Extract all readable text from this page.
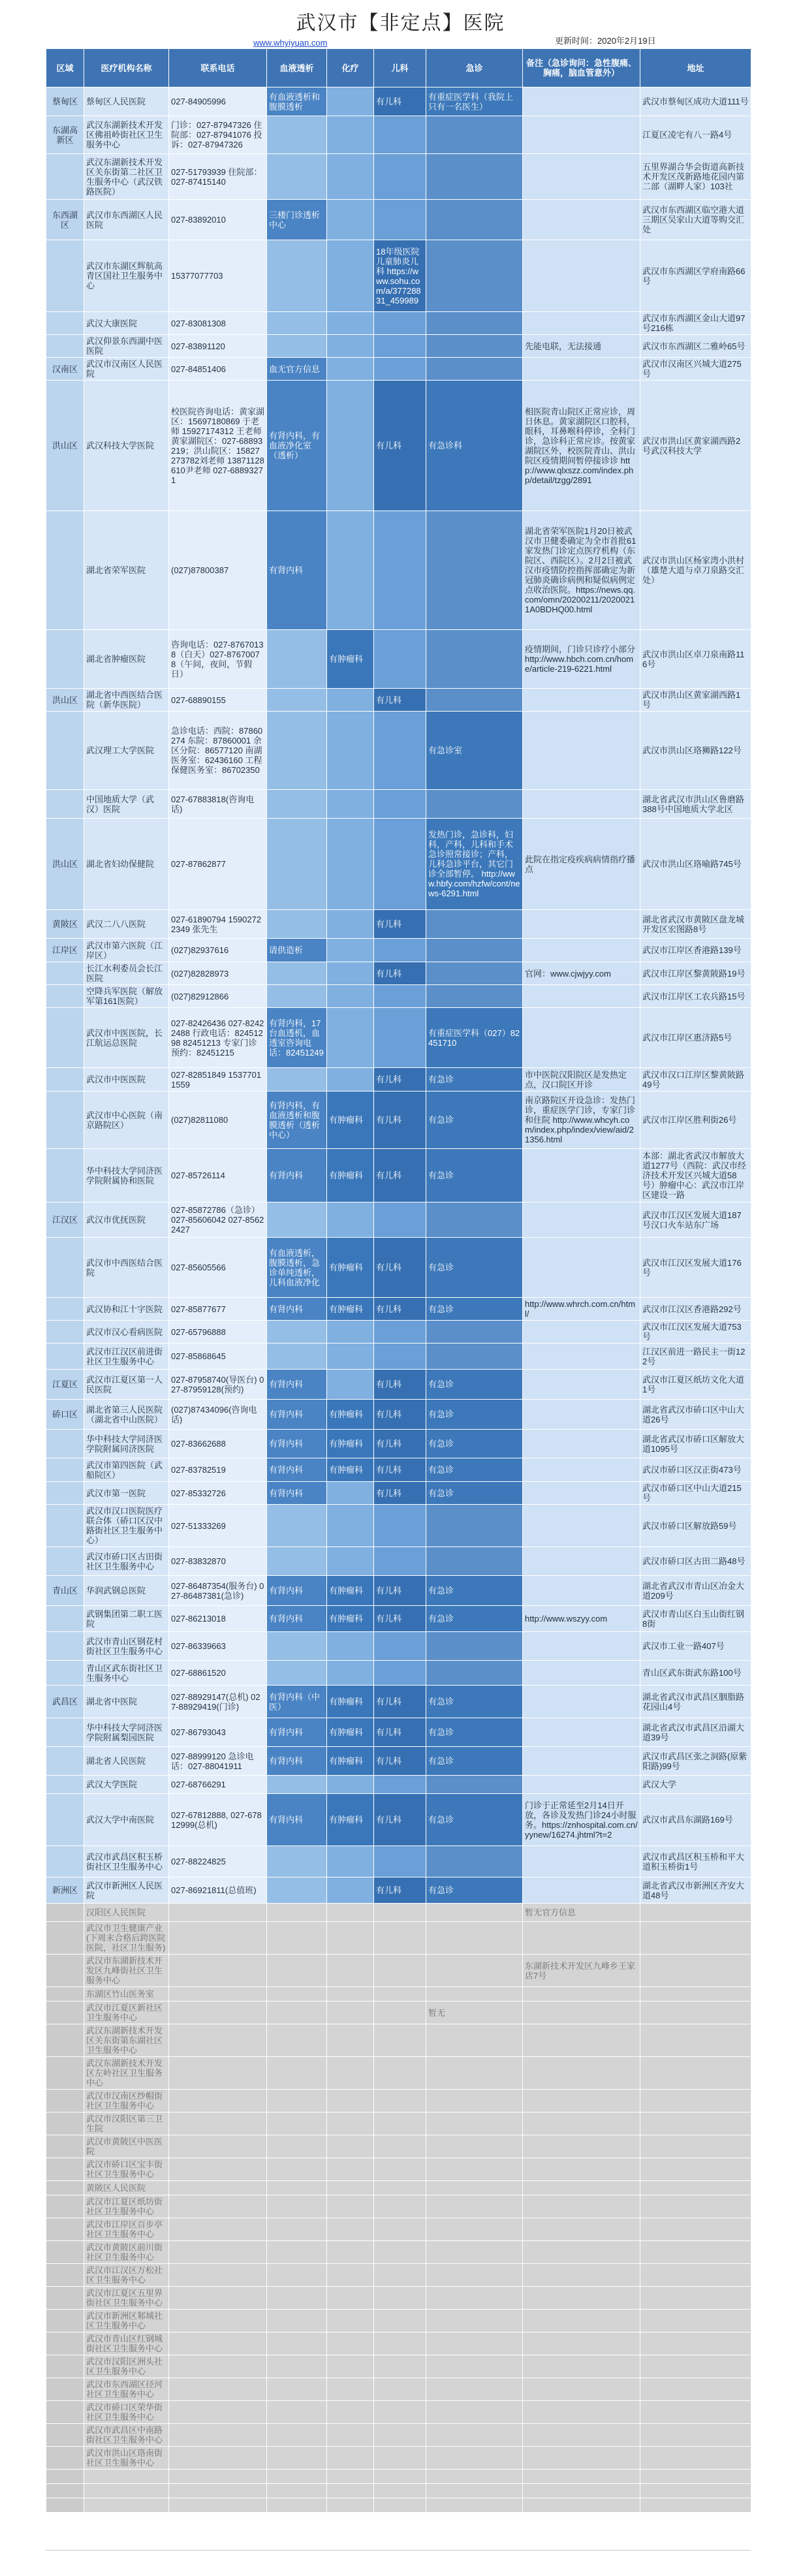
武汉市【非定点】医院
www.whyiyuan.com	更新时间：2020年2月19日
区域	医疗机构名称	联系电话	血液透析	化疗	儿科	急诊	备注（急诊询问：急性腹痛、胸痛，脑血管意外）	地址
蔡甸区	蔡甸区人民医院	027-84905996	有血液透析和腹膜透析		有儿科	有重症医学科（我院上只有一名医生）		武汉市蔡甸区成功大道111号
东湖高新区	武汉东湖新技术开发区佛祖岭街社区卫生服务中心	门诊：027-87947326 住院部：027-87941076 投诉：027-87947326						江夏区凌宅有八一路4号
	武汉东湖新技术开发区关东街第二社区卫生服务中心（武汉铁路医院）	027-51793939 住院部：027-87415140						五里界湖合华会街道高新技术开发区茂新路地花园内第二部（湖畔人家）103社
东西湖区	武汉市东西湖区人民医院	027-83892010	三楼门诊透析中心					武汉市东西湖区临空港大道三期区吴家山大道等购交汇处
	武汉市东湖区辉航高青区国社卫生服务中心	15377077703			18年级医院儿童肺炎儿科 https://www.sohu.com/a/37728831_459989			武汉市东西湖区学府南路66号
	武汉大康医院	027-83081308						武汉市东西湖区金山大道97号216栋
	武汉仰景东西湖中医医院	027-83891120					先能电联，无法接通	武汉市东西湖区二雅岭65号
汉南区	武汉市汉南区人民医院	027-84851406	血无官方信息					武汉市汉南区兴城大道275号
洪山区	武汉科技大学医院	校医院咨询电话：黄家湖区：15697180869 于老师 15927174312 王老师 黄家湖院区：027-68893219；洪山院区：15827273782刘老师 13871128610尹老师 027-68893271	有肾内科，有血液净化室（透析）		有儿科	有急诊科	相医院青山院区正常应诊，周日休息。黄家湖院区口腔科，眼科，耳鼻喉科停诊，全科门诊，急诊科正常应诊。按黄家湖院区外，校医院青山、洪山院区疫情期间暂停接诊诊 http://www.qlxszz.com/index.php/detail/tzgg/2891	武汉市洪山区黄家湖西路2号武汉科技大学
	湖北省荣军医院	(027)87800387	有肾内科				湖北省荣军医院1月20日被武汉市卫健委确定为全市首批61家发热门诊定点医疗机构（东院区、西院区）。2月2日被武汉市疫情防控指挥部确定为新冠肺炎确诊病例和疑似病例定点收治医院。https://news.qq.com/omn/20200211/20200211A0BDHQ00.html	武汉市洪山区杨家湾小洪村（雄楚大道与卓刀泉路交汇处）
	湖北省肿瘤医院	咨询电话：027-87670138（白天）027-87670078（午间，夜间，节假日）		有肿瘤科			疫情期间，门诊只诊疗小部分 http://www.hbch.com.cn/home/article-219-6221.html	武汉市洪山区卓刀泉南路116号
洪山区	湖北省中西医结合医院（新华医院）	027-68890155			有儿科			武汉市洪山区黄家湖西路1号
	武汉理工大学医院	急诊电话：西院：87860274 东院：87860001 余区分院：86577120 南湖医务室：62436160 工程保健医务室：86702350				有急诊室		武汉市洪山区珞狮路122号
	中国地质大学（武汉）医院	027-67883818(咨询电话)						湖北省武汉市洪山区鲁磨路388号中国地质大学北区
洪山区	湖北省妇幼保健院	027-87862877				发热门诊，急诊科，妇科，产科，儿科和手术急诊照常接诊；产科，儿科急诊平台，其它门诊全部暂停。 http://www.hbfy.com/hzfw/cont/news-6291.html	此院在指定疫疾病病情指疗播点	武汉市洪山区珞喻路745号
黄陂区	武汉二八八医院	027-61890794 15902722349 张先生			有儿科			湖北省武汉市黄陂区盘龙城开发区宏图路8号
江岸区	武汉市第六医院（江岸区）	(027)82937616	请供造析					武汉市江岸区香港路139号
	长江水利委员会长江医院	(027)82828973			有儿科		官网：www.cjwjyy.com	武汉市江岸区黎黄陂路19号
	空降兵军医院（解放军第161医院）	(027)82912866						武汉市江岸区工农兵路15号
	武汉市中医医院，长江航运总医院	027-82426436 027-82422488 行政电话：82451298 82451213 专家门诊预约：82451215	有肾内科，17台血透机，血透室咨询电话：82451249			有重症医学科（027）82451710		武汉市江岸区惠济路5号
	武汉市中医医院	027-82851849 15377011559			有儿科	有急诊	市中医院汉阳院区是发热定点，汉口院区开诊	武汉市汉口江岸区黎黄陂路49号
	武汉市中心医院（南京路院区）	(027)82811080	有肾内科，有血液透析和腹膜透析（透析中心）	有肿瘤科	有儿科	有急诊	南京路院区开设急诊：发热门诊，重症医学门诊，专家门诊和住院 http://www.whcyh.com/index.php/index/view/aid/21356.html	武汉市江岸区胜利街26号
	华中科技大学同济医学院附属协和医院	027-85726114	有肾内科	有肿瘤科	有儿科	有急诊		本部：湖北省武汉市解放大道1277号（西院：武汉市经济技术开发区兴城大道58号）肿瘤中心：武汉市江岸区建设一路
江汉区	武汉市优抚医院	027-85872786（急诊）027-85606042 027-85622427						武汉市江汉区发展大道187号汉口火车站东广场
	武汉市中西医结合医院	027-85605566	有血液透析，腹膜透析，急诊单纯透析，儿科血液净化	有肿瘤科	有儿科	有急诊		武汉市江汉区发展大道176号
	武汉协和江十字医院	027-85877677	有肾内科	有肿瘤科	有儿科	有急诊	http://www.whrch.com.cn/html/	武汉市江汉区香港路292号
	武汉市汉心看病医院	027-65796888						武汉市江汉区发展大道753号
	武汉市江汉区前进街社区卫生服务中心	027-85868645						江汉区前进一路民主一街122号
江夏区	武汉市江夏区第一人民医院	027-87958740(导医台) 027-87959128(预约)	有肾内科		有儿科	有急诊		武汉市江夏区纸坊文化大道1号
硚口区	湖北省第三人民医院（湖北省中山医院）	(027)87434096(咨询电话)	有肾内科	有肿瘤科	有儿科	有急诊		湖北省武汉市硚口区中山大道26号
	华中科技大学同济医学院附属同济医院	027-83662688	有肾内科	有肿瘤科	有儿科	有急诊		湖北省武汉市硚口区解放大道1095号
	武汉市第四医院（武船院区）	027-83782519	有肾内科	有肿瘤科	有儿科	有急诊		武汉市硚口区汉正街473号
	武汉市第一医院	027-85332726	有肾内科		有儿科	有急诊		武汉市硚口区中山大道215号
	武汉市汉口医院医疗联合体（硚口区汉中路街社区卫生服务中心）	027-51333269						武汉市硚口区解放路59号
	武汉市硚口区古田街社区卫生服务中心	027-83832870						武汉市硚口区古田二路48号
青山区	华润武钢总医院	027-86487354(服务台) 027-86487381(急诊)	有肾内科	有肿瘤科	有儿科	有急诊		湖北省武汉市青山区冶金大道209号
	武钢集团第二职工医院	027-86213018	有肾内科	有肿瘤科	有儿科	有急诊	http://www.wszyy.com	武汉市青山区白玉山街红钢8街
	武汉市青山区钢花村街社区卫生服务中心	027-86339663						武汉市工业一路407号
	青山区武东街社区卫生服务中心	027-68861520						青山区武东街武东路100号
武昌区	湖北省中医院	027-88929147(总机) 027-88929419(门诊)	有肾内科（中医）	有肿瘤科	有儿科	有急诊		湖北省武汉市武昌区胭脂路花园山4号
	华中科技大学同济医学院附属梨园医院	027-86793043	有肾内科	有肿瘤科	有儿科	有急诊		湖北省武汉市武昌区沿湖大道39号
	湖北省人民医院	027-88999120 急诊电话：027-88041911	有肾内科	有肿瘤科	有儿科	有急诊		武汉市武昌区张之洞路(原紫阳路)99号
	武汉大学医院	027-68766291						武汉大学
	武汉大学中南医院	027-67812888, 027-67812999(总机)	有肾内科	有肿瘤科	有儿科	有急诊	门诊于正常延至2月14日开放，各诊及发热门诊24小时服务。https://znhospital.com.cn/yynew/16274.jhtml?t=2	武汉市武昌东湖路169号
	武汉市武昌区积玉桥街社区卫生服务中心	027-88224825						武汉市武昌区积玉桥和平大道积玉桥街1号
新洲区	武汉市新洲区人民医院	027-86921811(总值班)			有儿科	有急诊		湖北省武汉市新洲区齐安大道48号
	汉阳区人民医院						暂无官方信息	
	武汉市卫生健康产业(下周末合格后跨医院医院，社区卫生服务)							
	武汉市东湖新技术开发区九峰街社区卫生服务中心						东湖新技术开发区九峰乡王家店7号	
	东湖区竹山医务室							
	武汉市江夏区新社区卫生服务中心					暂无		
	武汉东湖新技术开发区关东街第东湖社区卫生服务中心							
	武汉东湖新技术开发区左岭社区卫生服务中心							
	武汉市汉南区纱帽街社区卫生服务中心							
	武汉市汉阳区第三卫生院							
	武汉市黄陂区中医医院							
	武汉市硚口区宝丰街社区卫生服务中心							
	黄陂区人民医院							
	武汉市江夏区纸坊街社区卫生服务中心							
	武汉市江岸区百步亭社区卫生服务中心							
	武汉市黄陂区前川街社区卫生服务中心							
	武汉市江汉区万松社区卫生服务中心							
	武汉市江夏区五里界街社区卫生服务中心							
	武汉市新洲区邾城社区卫生服务中心							
	武汉市青山区红钢城街社区卫生服务中心							
	武汉市汉阳区洲头社区卫生服务中心							
	武汉市东西湖区径河社区卫生服务中心							
	武汉市硚口区荣华街社区卫生服务中心							
	武汉市武昌区中南路街社区卫生服务中心							
	武汉市洪山区珞南街社区卫生服务中心							
